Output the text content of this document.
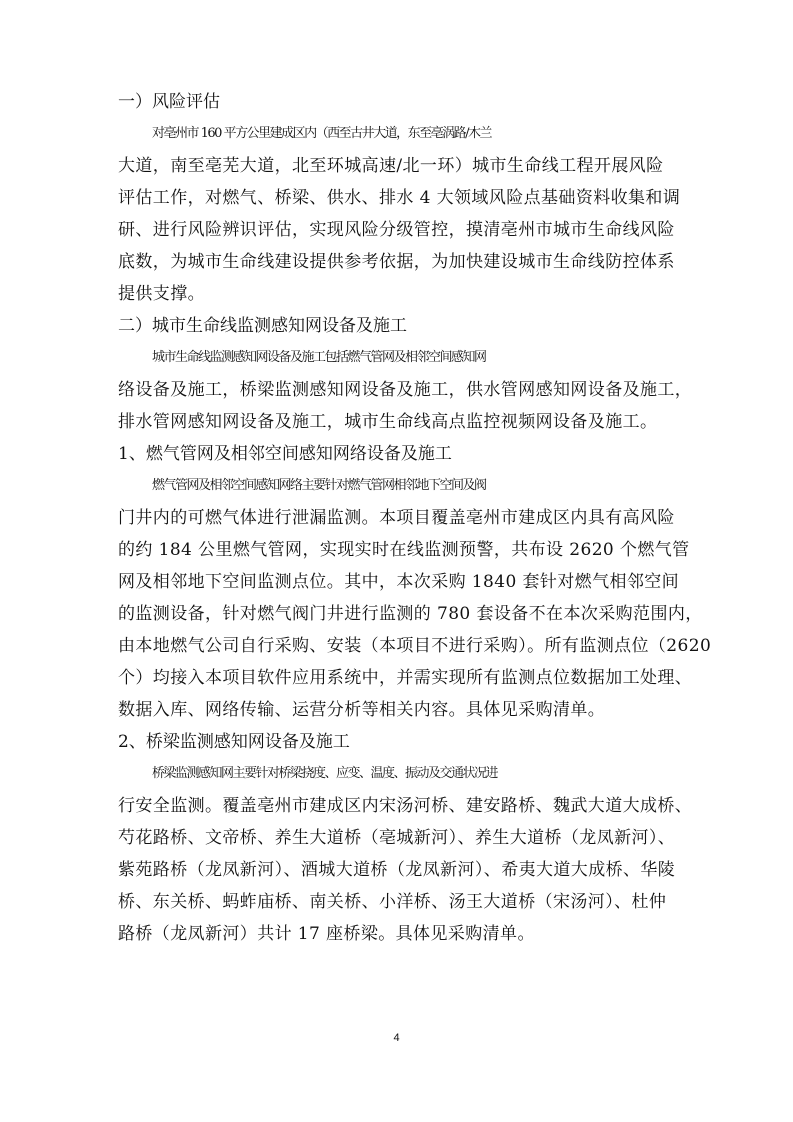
一）风险评估
对亳州市 160 平方公里建成区内（西至古井大道，东至亳涡路/木兰
大道，南至亳芜大道，北至环城高速/北一环）城市生命线工程开展风险
评估工作，对燃气、桥梁、供水、排水 4 大领域风险点基础资料收集和调
研、进行风险辨识评估，实现风险分级管控，摸清亳州市城市生命线风险
底数，为城市生命线建设提供参考依据，为加快建设城市生命线防控体系
提供支撑。
二）城市生命线监测感知网设备及施工
城市生命线监测感知网设备及施工包括燃气管网及相邻空间感知网
络设备及施工，桥梁监测感知网设备及施工，供水管网感知网设备及施工，
排水管网感知网设备及施工，城市生命线高点监控视频网设备及施工。
1、燃气管网及相邻空间感知网络设备及施工
燃气管网及相邻空间感知网络主要针对燃气管网相邻地下空间及阀
门井内的可燃气体进行泄漏监测。本项目覆盖亳州市建成区内具有高风险
的约 184 公里燃气管网，实现实时在线监测预警，共布设 2620 个燃气管
网及相邻地下空间监测点位。其中，本次采购 1840 套针对燃气相邻空间
的监测设备，针对燃气阀门井进行监测的 780 套设备不在本次采购范围内，
由本地燃气公司自行采购、安装（本项目不进行采购）。所有监测点位（2620
个）均接入本项目软件应用系统中，并需实现所有监测点位数据加工处理、
数据入库、网络传输、运营分析等相关内容。具体见采购清单。
2、桥梁监测感知网设备及施工
桥梁监测感知网主要针对桥梁挠度、应变、温度、振动及交通状况进
行安全监测。覆盖亳州市建成区内宋汤河桥、建安路桥、魏武大道大成桥、
芍花路桥、文帝桥、养生大道桥（亳城新河）、养生大道桥（龙凤新河）、
紫苑路桥（龙凤新河）、酒城大道桥（龙凤新河）、希夷大道大成桥、华陵
桥、东关桥、蚂蚱庙桥、南关桥、小洋桥、汤王大道桥（宋汤河）、杜仲
路桥（龙凤新河）共计 17 座桥梁。具体见采购清单。
4
